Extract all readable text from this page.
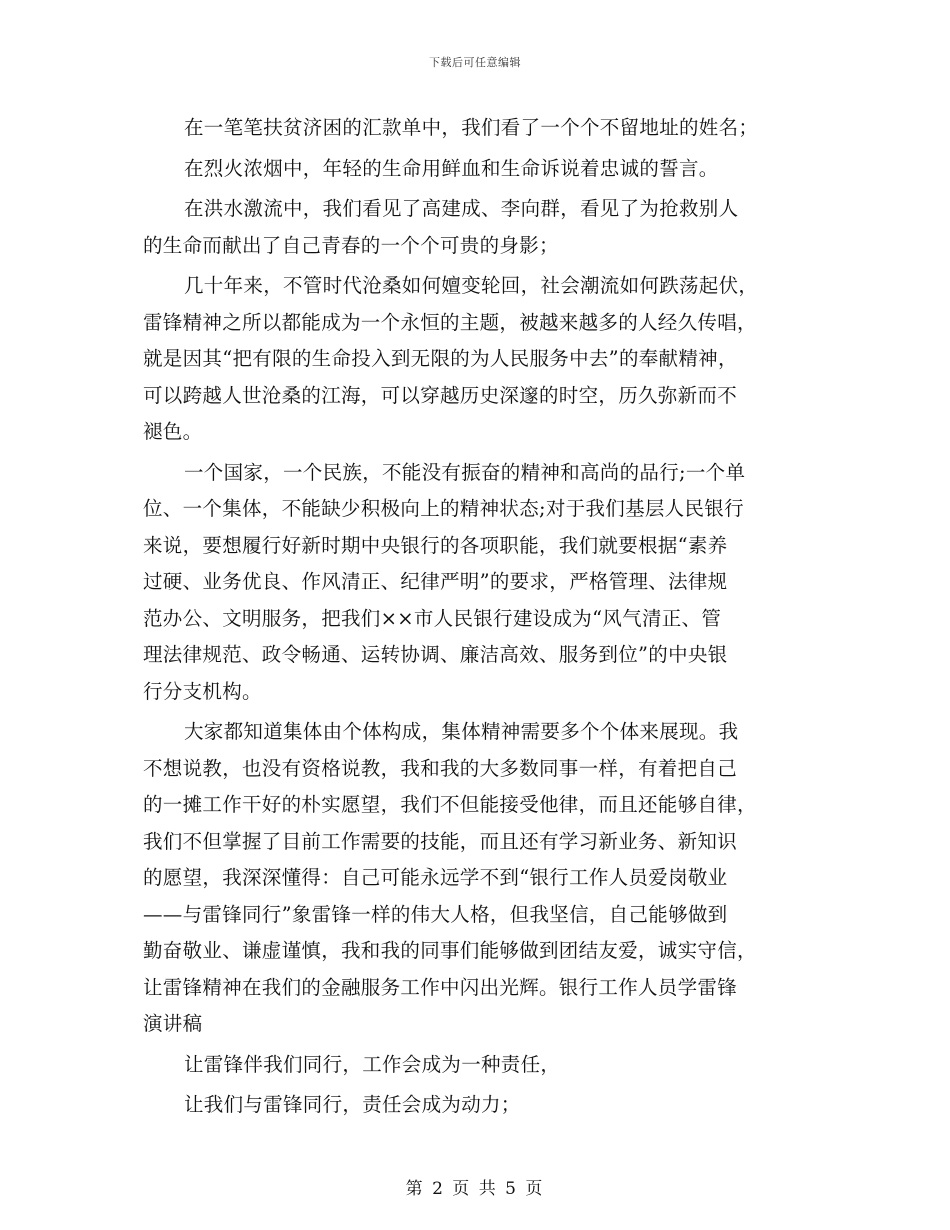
下载后可任意编辑
在一笔笔扶贫济困的汇款单中，我们看了一个个不留地址的姓名；
在烈火浓烟中，年轻的生命用鲜血和生命诉说着忠诚的誓言。
在洪水激流中，我们看见了高建成、李向群，看见了为抢救别人
的生命而献出了自己青春的一个个可贵的身影；
几十年来，不管时代沧桑如何嬗变轮回，社会潮流如何跌荡起伏，
雷锋精神之所以都能成为一个永恒的主题，被越来越多的人经久传唱，
就是因其“把有限的生命投入到无限的为人民服务中去”的奉献精神，
可以跨越人世沧桑的江海，可以穿越历史深邃的时空，历久弥新而不
褪色。
一个国家，一个民族，不能没有振奋的精神和高尚的品行;一个单
位、一个集体，不能缺少积极向上的精神状态;对于我们基层人民银行
来说，要想履行好新时期中央银行的各项职能，我们就要根据“素养
过硬、业务优良、作风清正、纪律严明”的要求，严格管理、法律规
范办公、文明服务，把我们××市人民银行建设成为“风气清正、管
理法律规范、政令畅通、运转协调、廉洁高效、服务到位”的中央银
行分支机构。
大家都知道集体由个体构成，集体精神需要多个个体来展现。我
不想说教，也没有资格说教，我和我的大多数同事一样，有着把自己
的一摊工作干好的朴实愿望，我们不但能接受他律，而且还能够自律，
我们不但掌握了目前工作需要的技能，而且还有学习新业务、新知识
的愿望，我深深懂得：自己可能永远学不到“银行工作人员爱岗敬业
——与雷锋同行”象雷锋一样的伟大人格，但我坚信，自己能够做到
勤奋敬业、谦虚谨慎，我和我的同事们能够做到团结友爱，诚实守信，
让雷锋精神在我们的金融服务工作中闪出光辉。银行工作人员学雷锋
演讲稿
让雷锋伴我们同行，工作会成为一种责任，
让我们与雷锋同行，责任会成为动力；
第 2 页 共 5 页
